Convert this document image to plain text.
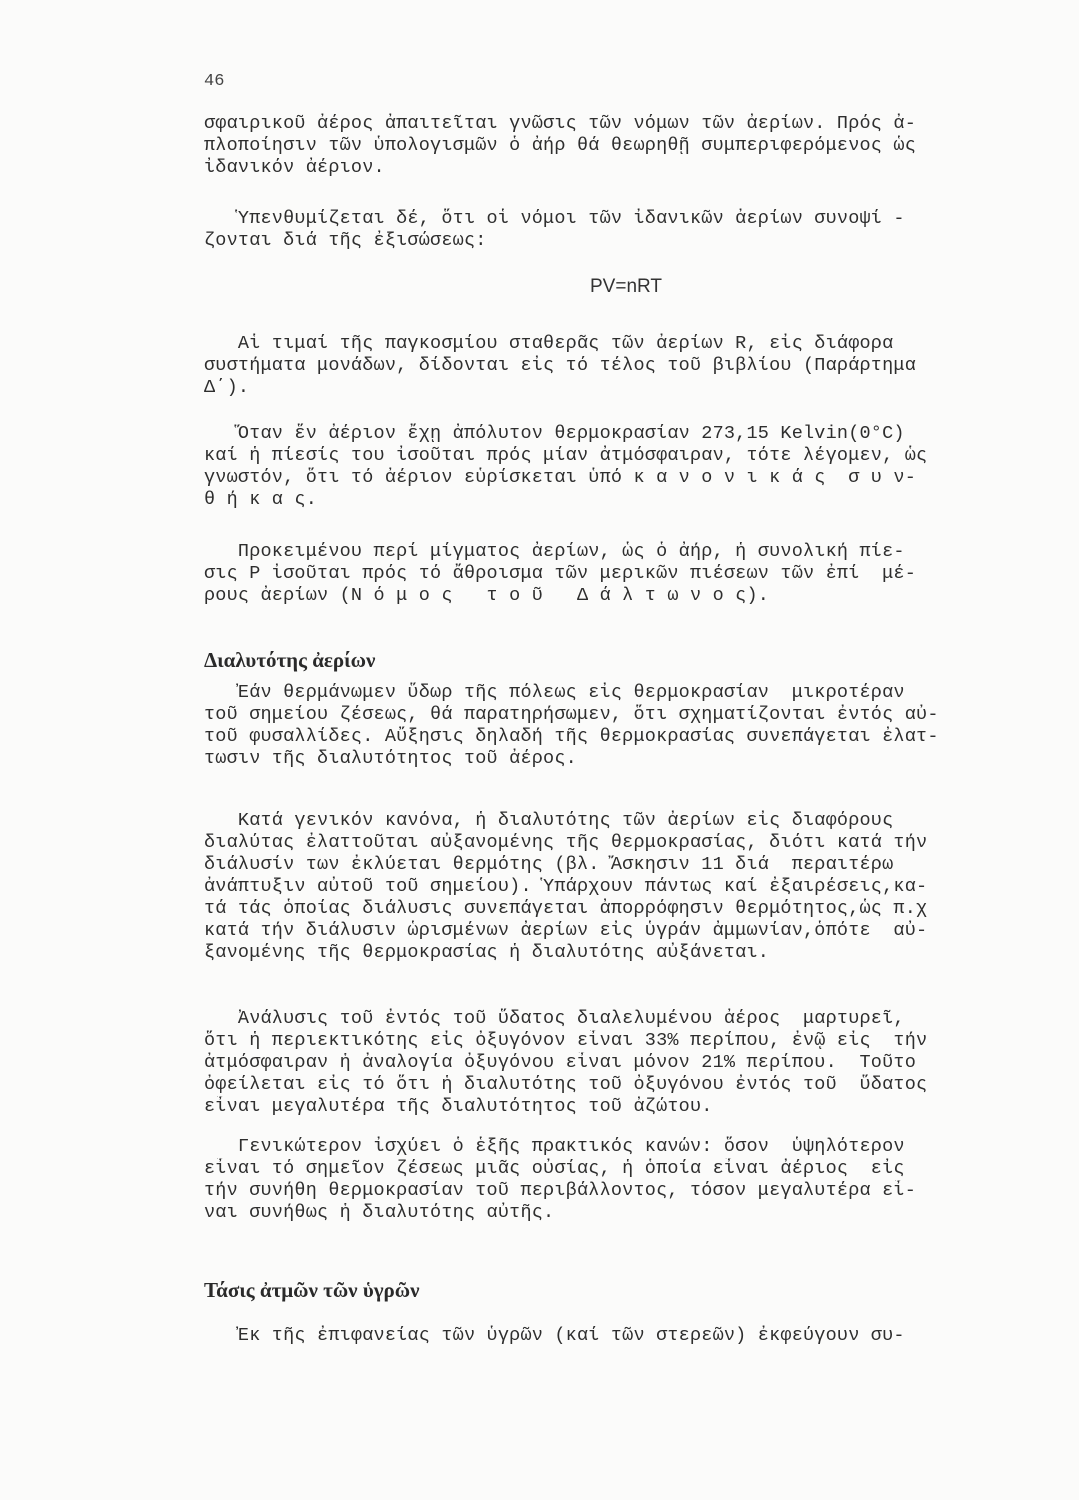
46
σφαιρικοῦ ἀέρος ἀπαιτεῖται γνῶσις τῶν νόμων τῶν ἀερίων. Πρός ἀ-
πλοποίησιν τῶν ὑπολογισμῶν ὁ ἀήρ θά θεωρηθῇ συμπεριφερόμενος ὡς
ἰδανικόν ἀέριον.
Ὑπενθυμίζεται δέ, ὅτι οἱ νόμοι τῶν ἰδανικῶν ἀερίων συνοψί -
ζονται διά τῆς ἐξισώσεως:
PV=nRT
Αἱ τιμαί τῆς παγκοσμίου σταθερᾶς τῶν ἀερίων R, εἰς διάφορα
συστήματα μονάδων, δίδονται εἰς τό τέλος τοῦ βιβλίου (Παράρτημα
Δ΄).
Ὅταν ἕν ἀέριον ἔχῃ ἀπόλυτον θερμοκρασίαν 273,15 Kelvin(0°C)
καί ἡ πίεσίς του ἰσοῦται πρός μίαν ἀτμόσφαιραν, τότε λέγομεν, ὡς
γνωστόν, ὅτι τό ἀέριον εὑρίσκεται ὑπό κ α ν ο ν ι κ ά ς  σ υ ν-
θ ή κ α ς.
Προκειμένου περί μίγματος ἀερίων, ὡς ὁ ἀήρ, ἡ συνολική πίε-
σις P ἰσοῦται πρός τό ἄθροισμα τῶν μερικῶν πιέσεων τῶν ἐπί  μέ-
ρους ἀερίων (Ν ό μ ο ς   τ ο ῦ   Δ ά λ τ ω ν ο ς).
Διαλυτότης ἀερίων
Ἐάν θερμάνωμεν ὕδωρ τῆς πόλεως εἰς θερμοκρασίαν  μικροτέραν
τοῦ σημείου ζέσεως, θά παρατηρήσωμεν, ὅτι σχηματίζονται ἐντός αὐ-
τοῦ φυσαλλίδες. Αὔξησις δηλαδή τῆς θερμοκρασίας συνεπάγεται ἐλατ-
τωσιν τῆς διαλυτότητος τοῦ ἀέρος.
Κατά γενικόν κανόνα, ἡ διαλυτότης τῶν ἀερίων εἰς διαφόρους
διαλύτας ἐλαττοῦται αὐξανομένης τῆς θερμοκρασίας, διότι κατά τήν
διάλυσίν των ἐκλύεται θερμότης (βλ. Ἄσκησιν 11 διά  περαιτέρω
ἀνάπτυξιν αὐτοῦ τοῦ σημείου). Ὑπάρχουν πάντως καί ἐξαιρέσεις,κα-
τά τάς ὁποίας διάλυσις συνεπάγεται ἀπορρόφησιν θερμότητος,ὡς π.χ
κατά τήν διάλυσιν ὡρισμένων ἀερίων εἰς ὑγράν ἀμμωνίαν,ὁπότε  αὐ-
ξανομένης τῆς θερμοκρασίας ἡ διαλυτότης αὐξάνεται.
Ἀνάλυσις τοῦ ἐντός τοῦ ὕδατος διαλελυμένου ἀέρος  μαρτυρεῖ,
ὅτι ἡ περιεκτικότης εἰς ὀξυγόνον εἶναι 33% περίπου, ἐνῷ εἰς  τήν
ἀτμόσφαιραν ἡ ἀναλογία ὀξυγόνου εἶναι μόνον 21% περίπου.  Τοῦτο
ὀφείλεται εἰς τό ὅτι ἡ διαλυτότης τοῦ ὀξυγόνου ἐντός τοῦ  ὕδατος
εἶναι μεγαλυτέρα τῆς διαλυτότητος τοῦ ἀζώτου.
Γενικώτερον ἰσχύει ὁ ἑξῆς πρακτικός κανών: ὅσον  ὑψηλότερον
εἶναι τό σημεῖον ζέσεως μιᾶς οὐσίας, ἡ ὁποία εἶναι ἀέριος  εἰς
τήν συνήθη θερμοκρασίαν τοῦ περιβάλλοντος, τόσον μεγαλυτέρα εἶ-
ναι συνήθως ἡ διαλυτότης αὐτῆς.
Τάσις ἀτμῶν τῶν ὑγρῶν
Ἐκ τῆς ἐπιφανείας τῶν ὑγρῶν (καί τῶν στερεῶν) ἐκφεύγουν συ-
